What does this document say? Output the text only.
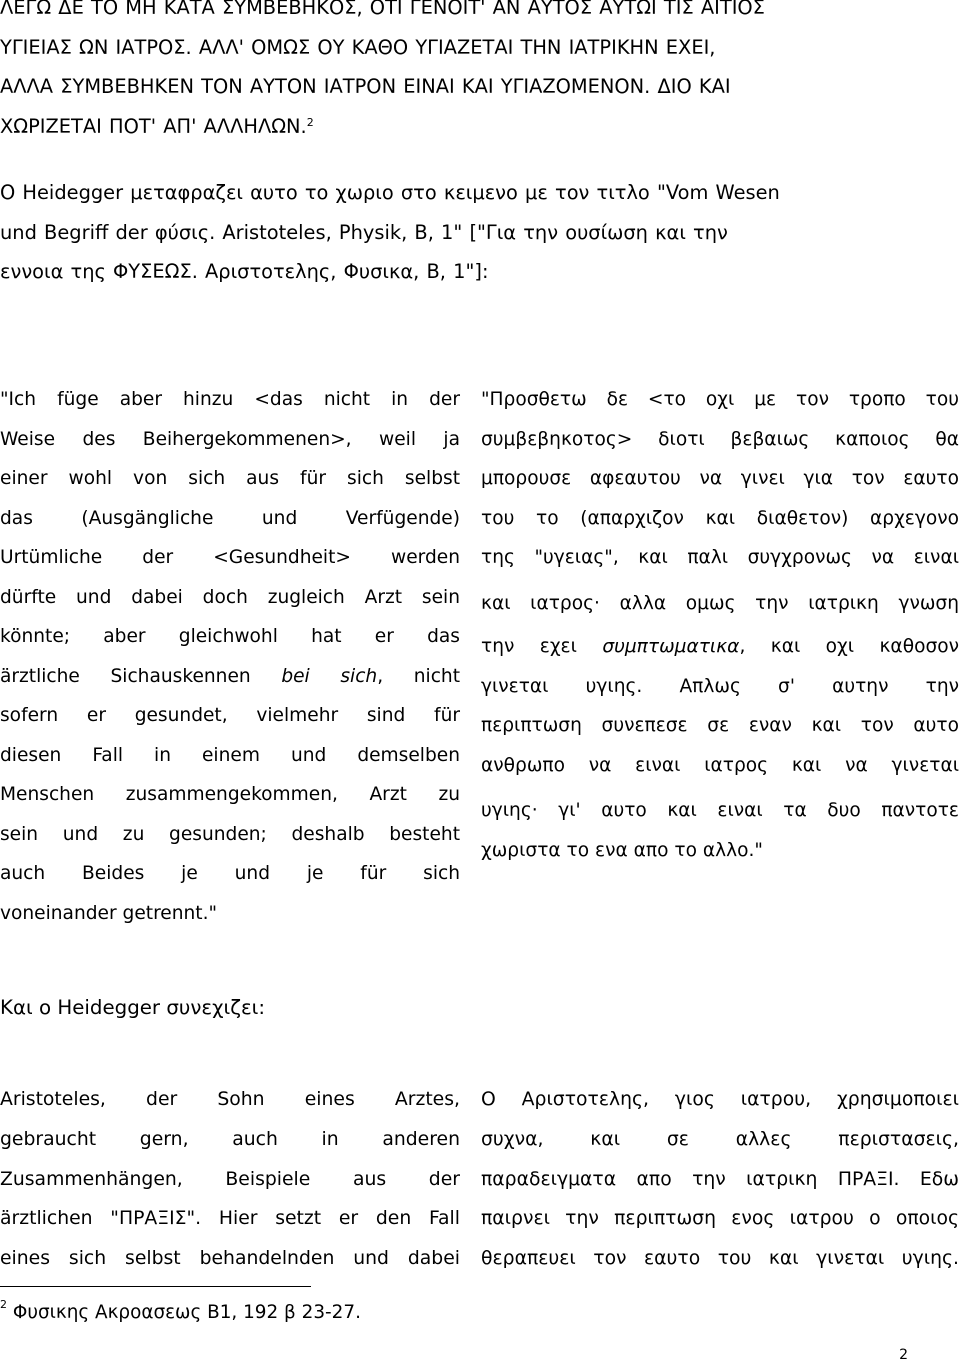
ΛΕΓΩ ΔΕ ΤΟ ΜΗ ΚΑΤΑ ΣΥΜΒΕΒΗΚΟΣ, ΟΤΙ ΓΕΝΟΙΤ' ΑΝ ΑΥΤΟΣ ΑΥΤΩΙ ΤΙΣ ΑΙΤΙΟΣ
ΥΓΙΕΙΑΣ ΩΝ ΙΑΤΡΟΣ. ΑΛΛ' ΟΜΩΣ ΟΥ ΚΑΘΟ ΥΓΙΑΖΕΤΑΙ ΤΗΝ ΙΑΤΡΙΚΗΝ ΕΧΕΙ,
ΑΛΛΑ ΣΥΜΒΕΒΗΚΕΝ ΤΟΝ ΑΥΤΟΝ ΙΑΤΡΟΝ ΕΙΝΑΙ ΚΑΙ ΥΓΙΑΖΟΜΕΝΟΝ. ΔΙΟ ΚΑΙ
ΧΩΡΙΖΕΤΑΙ ΠΟΤ' ΑΠ' ΑΛΛΗΛΩΝ.$^2$
Ο Heidegger μεταφραζει αυτο το χωριο στο κειμενο με τον τιτλο "Vom Wesen
und Begriff der φύσις. Aristoteles, Physik, B, 1" ["Για την ουσίωση και την
εννοια της ΦΥΣΕΩΣ. Αριστοτελης, Φυσικα, Β, 1"]:
"Ich füge aber hinzu <das nicht in der
Weise des Beihergekommenen>, weil ja
einer wohl von sich aus für sich selbst
das (Ausgängliche und Verfügende)
Urtümliche der <Gesundheit> werden
dürfte und dabei doch zugleich Arzt sein
könnte; aber gleichwohl hat er das
ärztliche Sichauskennen bei sich, nicht
sofern er gesundet, vielmehr sind für
diesen Fall in einem und demselben
Menschen zusammengekommen, Arzt zu
sein und zu gesunden; deshalb besteht
auch Beides je und je für sich
voneinander getrennt."
"Προσθετω δε <το οχι με τον τροπο του
συμβεβηκοτος> διοτι βεβαιως καποιος θα
μπορουσε αφεαυτου να γινει για τον εαυτο
του το (απαρχιζον και διαθετον) αρχεγονο
της "υγειας", και παλι συγχρονως να ειναι
και ιατρος· αλλα ομως την ιατρικη γνωση
την εχει συμπτωματικα, και οχι καθοσον
γινεται υγιης. Απλως σ' αυτην την
περιπτωση συνεπεσε σε εναν και τον αυτο
ανθρωπο να ειναι ιατρος και να γινεται
υγιης· γι' αυτο και ειναι τα δυο παντοτε
χωριστα το ενα απο το αλλο."

Και ο Heidegger συνεχιζει:

Aristoteles, der Sohn eines Arztes,
gebraucht gern, auch in anderen
Zusammenhängen, Beispiele aus der
ärztlichen "ΠΡΑΞΙΣ". Hier setzt er den Fall
eines sich selbst behandelnden und dabei
Ο Αριστοτελης, γιος ιατρου, χρησιμοποιει
συχνα, και σε αλλες περιστασεις,
παραδειγματα απο την ιατρικη ΠΡΑΞΙ. Εδω
παιρνει την περιπτωση ενος ιατρου ο οποιος
θεραπευει τον εαυτο του και γινεται υγιης.

$^2$ Φυσικης Ακροασεως Β1, 192 β 23-27.

2
